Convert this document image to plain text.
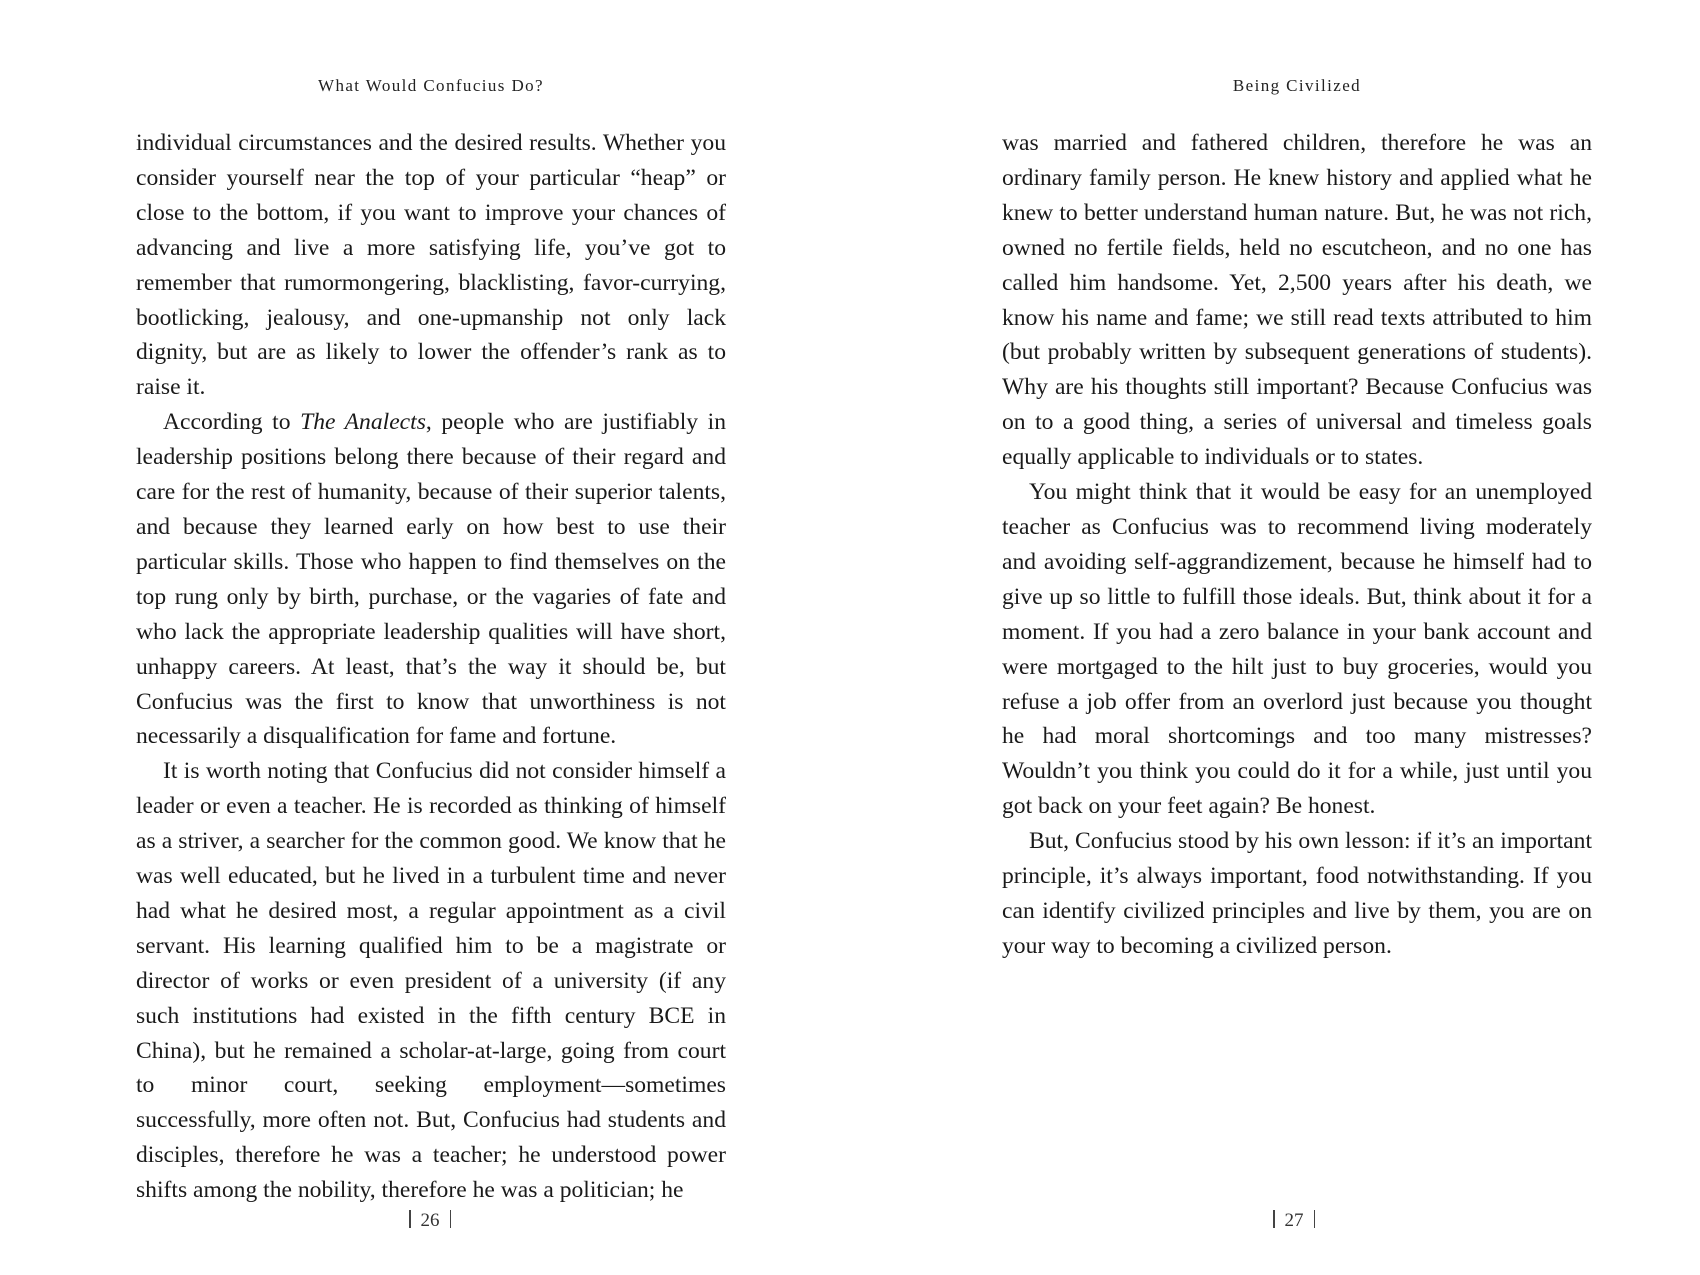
What Would Confucius Do?

individual circumstances and the desired results. Whether you consider yourself near the top of your particular “heap” or close to the bottom, if you want to improve your chances of advancing and live a more satisfying life, you’ve got to remember that rumormongering, blacklisting, favor-currying, bootlicking, jealousy, and one-upmanship not only lack dignity, but are as likely to lower the offender’s rank as to raise it.

According to The Analects, people who are justifiably in leadership positions belong there because of their regard and care for the rest of humanity, because of their superior talents, and because they learned early on how best to use their particular skills. Those who happen to find themselves on the top rung only by birth, purchase, or the vagaries of fate and who lack the appropriate leadership qualities will have short, unhappy careers. At least, that’s the way it should be, but Confucius was the first to know that unworthiness is not necessarily a disqualification for fame and fortune.

It is worth noting that Confucius did not consider himself a leader or even a teacher. He is recorded as thinking of himself as a striver, a searcher for the common good. We know that he was well educated, but he lived in a turbulent time and never had what he desired most, a regular appointment as a civil servant. His learning qualified him to be a magistrate or director of works or even president of a university (if any such institutions had existed in the fifth century BCE in China), but he remained a scholar-at-large, going from court to minor court, seeking employment—sometimes successfully, more often not. But, Confucius had students and disciples, therefore he was a teacher; he understood power shifts among the nobility, therefore he was a politician; he

26
Being Civilized

was married and fathered children, therefore he was an ordinary family person. He knew history and applied what he knew to better understand human nature. But, he was not rich, owned no fertile fields, held no escutcheon, and no one has called him handsome. Yet, 2,500 years after his death, we know his name and fame; we still read texts attributed to him (but probably written by subsequent generations of students). Why are his thoughts still important? Because Confucius was on to a good thing, a series of universal and timeless goals equally applicable to individuals or to states.

You might think that it would be easy for an unemployed teacher as Confucius was to recommend living moderately and avoiding self-aggrandizement, because he himself had to give up so little to fulfill those ideals. But, think about it for a moment. If you had a zero balance in your bank account and were mortgaged to the hilt just to buy groceries, would you refuse a job offer from an overlord just because you thought he had moral shortcomings and too many mistresses? Wouldn’t you think you could do it for a while, just until you got back on your feet again? Be honest.

But, Confucius stood by his own lesson: if it’s an important principle, it’s always important, food notwithstanding. If you can identify civilized principles and live by them, you are on your way to becoming a civilized person.

27
